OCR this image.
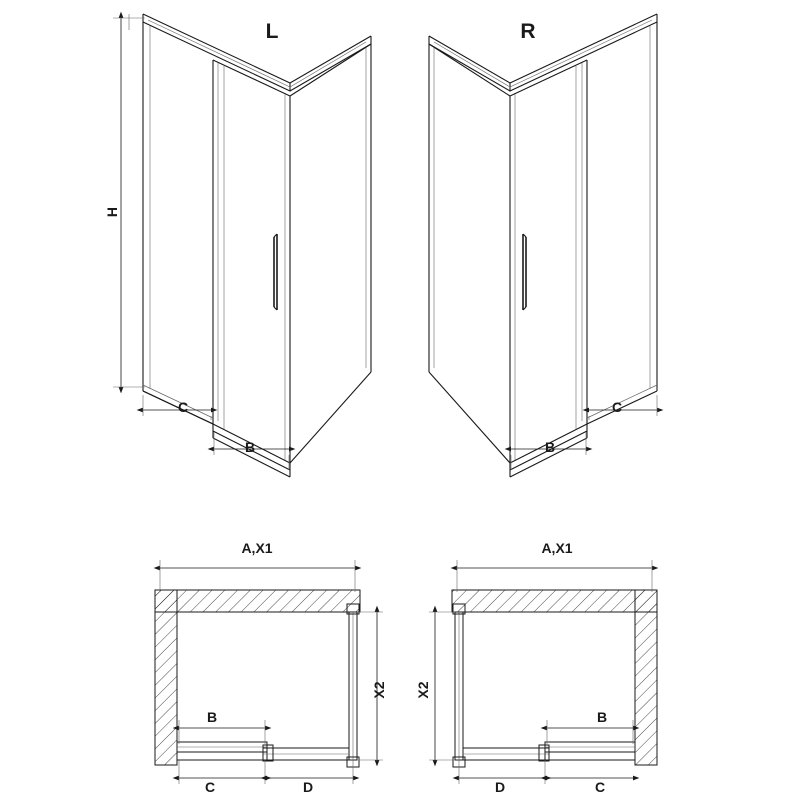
L	R
H
C
B
C
B
A,X1
X2
B
C	D
A,X1
X2
B
D	C
